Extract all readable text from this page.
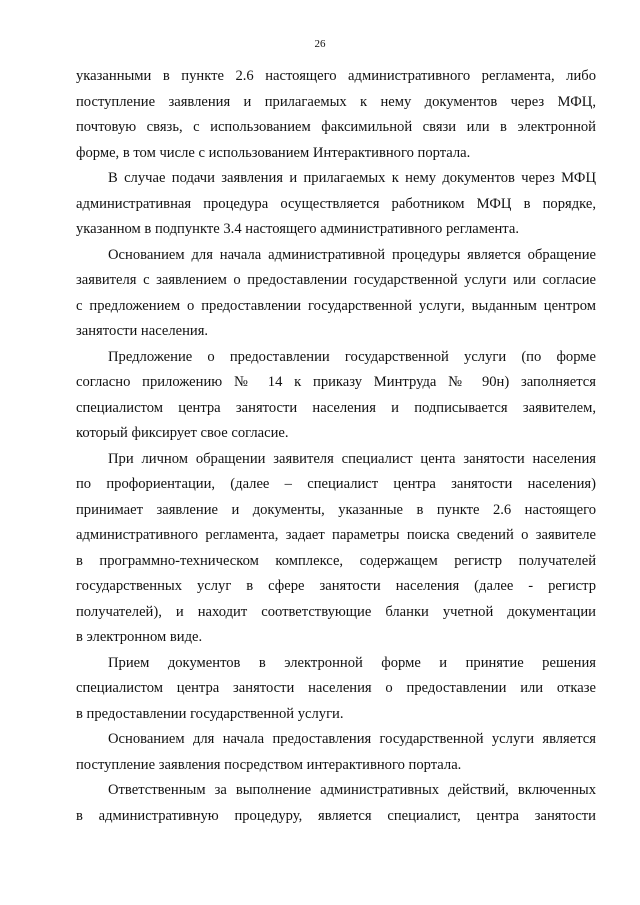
26
указанными в пункте 2.6 настоящего административного регламента, либо
поступление заявления и прилагаемых к нему документов через МФЦ,
почтовую связь, с использованием факсимильной связи или в электронной
форме, в том числе с использованием Интерактивного портала.
В случае подачи заявления и прилагаемых к нему документов через МФЦ
административная процедура осуществляется работником МФЦ в порядке,
указанном в подпункте 3.4 настоящего административного регламента.
Основанием для начала административной процедуры является обращение
заявителя с заявлением о предоставлении государственной услуги или согласие
с предложением о предоставлении государственной услуги, выданным центром
занятости населения.
Предложение о предоставлении государственной услуги (по форме
согласно приложению № 14 к приказу Минтруда № 90н) заполняется
специалистом центра занятости населения и подписывается заявителем,
который фиксирует свое согласие.
При личном обращении заявителя специалист цента занятости населения
по профориентации, (далее – специалист центра занятости населения)
принимает заявление и документы, указанные в пункте 2.6 настоящего
административного регламента, задает параметры поиска сведений о заявителе
в программно-техническом комплексе, содержащем регистр получателей
государственных услуг в сфере занятости населения (далее - регистр
получателей), и находит соответствующие бланки учетной документации
в электронном виде.
Прием документов в электронной форме и принятие решения
специалистом центра занятости населения о предоставлении или отказе
в предоставлении государственной услуги.
Основанием для начала предоставления государственной услуги является
поступление заявления посредством интерактивного портала.
Ответственным за выполнение административных действий, включенных
в административную процедуру, является специалист, центра занятости
